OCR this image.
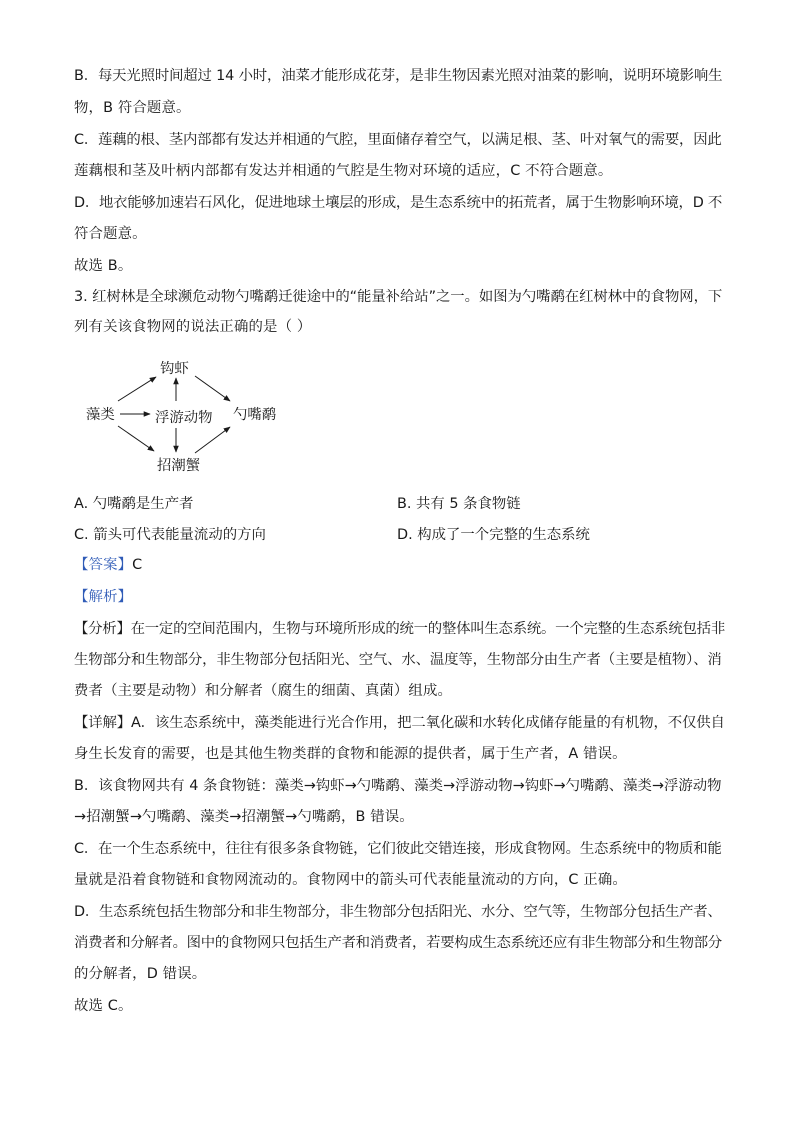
B．每天光照时间超过 14 小时，油菜才能形成花芽，是非生物因素光照对油菜的影响，说明环境影响生
物，B 符合题意。
C．莲藕的根、茎内部都有发达并相通的气腔，里面储存着空气，以满足根、茎、叶对氧气的需要，因此
莲藕根和茎及叶柄内部都有发达并相通的气腔是生物对环境的适应，C 不符合题意。
D．地衣能够加速岩石风化，促进地球土壤层的形成，是生态系统中的拓荒者，属于生物影响环境，D 不
符合题意。
故选 B。
3. 红树林是全球濒危动物勺嘴鹬迁徙途中的“能量补给站”之一。如图为勺嘴鹬在红树林中的食物网，下
列有关该食物网的说法正确的是（ ）
钩虾
藻类	浮游动物 勺嘴鹬
招潮蟹
A. 勺嘴鹬是生产者	B. 共有 5 条食物链
C. 箭头可代表能量流动的方向	D. 构成了一个完整的生态系统
【答案】C
【解析】
【分析】在一定的空间范围内，生物与环境所形成的统一的整体叫生态系统。一个完整的生态系统包括非
生物部分和生物部分，非生物部分包括阳光、空气、水、温度等，生物部分由生产者（主要是植物）、消
费者（主要是动物）和分解者（腐生的细菌、真菌）组成。
【详解】A．该生态系统中，藻类能进行光合作用，把二氧化碳和水转化成储存能量的有机物，不仅供自
身生长发育的需要，也是其他生物类群的食物和能源的提供者，属于生产者，A 错误。
B．该食物网共有 4 条食物链：藻类→钩虾→勺嘴鹬、藻类→浮游动物→钩虾→勺嘴鹬、藻类→浮游动物
→招潮蟹→勺嘴鹬、藻类→招潮蟹→勺嘴鹬，B 错误。
C．在一个生态系统中，往往有很多条食物链，它们彼此交错连接，形成食物网。生态系统中的物质和能
量就是沿着食物链和食物网流动的。食物网中的箭头可代表能量流动的方向，C 正确。
D．生态系统包括生物部分和非生物部分，非生物部分包括阳光、水分、空气等，生物部分包括生产者、
消费者和分解者。图中的食物网只包括生产者和消费者，若要构成生态系统还应有非生物部分和生物部分
的分解者，D 错误。
故选 C。
